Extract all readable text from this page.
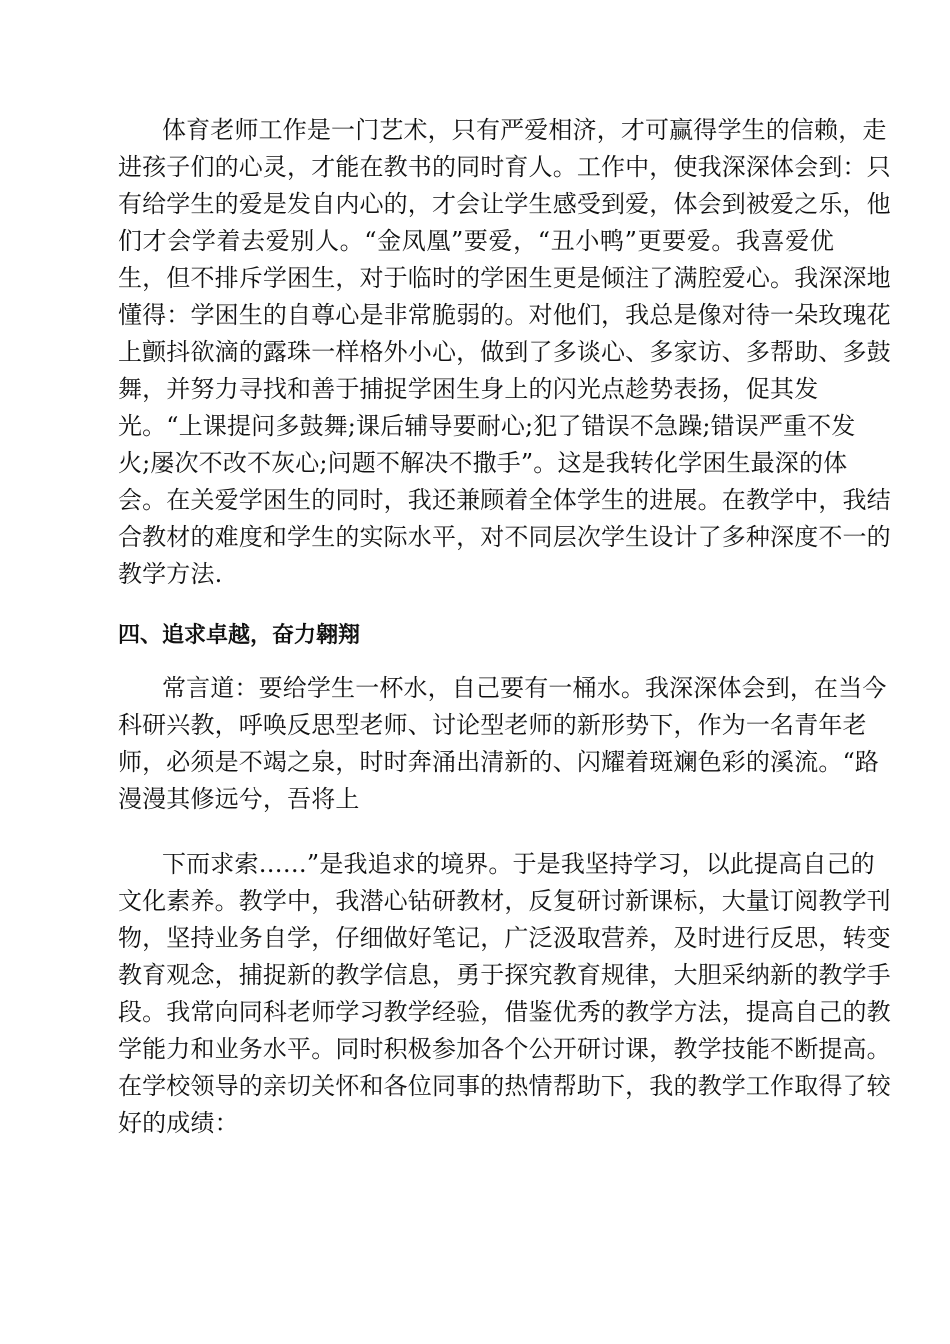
体育老师工作是一门艺术，只有严爱相济，才可赢得学生的信赖，走
进孩子们的心灵，才能在教书的同时育人。工作中，使我深深体会到：只
有给学生的爱是发自内心的，才会让学生感受到爱，体会到被爱之乐，他
们才会学着去爱别人。“金凤凰”要爱，“丑小鸭”更要爱。我喜爱优
生，但不排斥学困生，对于临时的学困生更是倾注了满腔爱心。我深深地
懂得：学困生的自尊心是非常脆弱的。对他们，我总是像对待一朵玫瑰花
上颤抖欲滴的露珠一样格外小心，做到了多谈心、多家访、多帮助、多鼓
舞，并努力寻找和善于捕捉学困生身上的闪光点趁势表扬，促其发
光。“上课提问多鼓舞;课后辅导要耐心;犯了错误不急躁;错误严重不发
火;屡次不改不灰心;问题不解决不撒手”。这是我转化学困生最深的体
会。在关爱学困生的同时，我还兼顾着全体学生的进展。在教学中，我结
合教材的难度和学生的实际水平，对不同层次学生设计了多种深度不一的
教学方法.
四、追求卓越，奋力翱翔
常言道：要给学生一杯水，自己要有一桶水。我深深体会到，在当今
科研兴教，呼唤反思型老师、讨论型老师的新形势下，作为一名青年老
师，必须是不竭之泉，时时奔涌出清新的、闪耀着斑斓色彩的溪流。“路
漫漫其修远兮，吾将上
下而求索……”是我追求的境界。于是我坚持学习，以此提高自己的
文化素养。教学中，我潜心钻研教材，反复研讨新课标，大量订阅教学刊
物，坚持业务自学，仔细做好笔记，广泛汲取营养，及时进行反思，转变
教育观念，捕捉新的教学信息，勇于探究教育规律，大胆采纳新的教学手
段。我常向同科老师学习教学经验，借鉴优秀的教学方法，提高自己的教
学能力和业务水平。同时积极参加各个公开研讨课，教学技能不断提高。
在学校领导的亲切关怀和各位同事的热情帮助下，我的教学工作取得了较
好的成绩：
